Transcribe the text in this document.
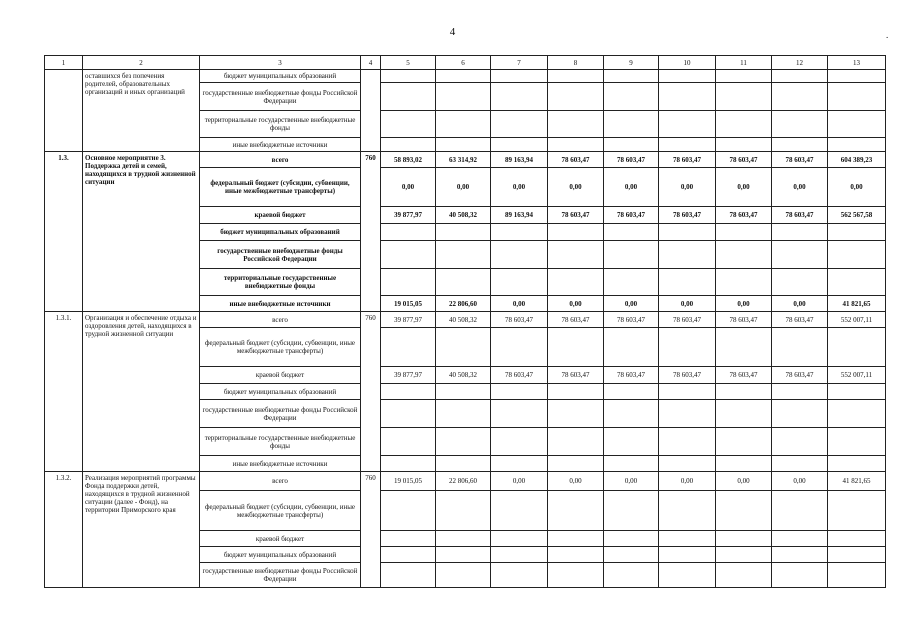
4	.
1	2	3	4	5	6	7	8	9	10	11	12	13
	оставшихся без попечения родителей, образовательных организаций и иных организаций	бюджет муниципальных образований										
		государственные внебюджетные фонды Российской Федерации										
		территориальные государственные внебюджетные фонды										
		иные внебюджетные источники										
1.3.	Основное мероприятие 3. Поддержка детей и семей, находящихся в трудной жизненной ситуации	всего	760	58 893,02	63 314,92	89 163,94	78 603,47	78 603,47	78 603,47	78 603,47	78 603,47	604 389,23
		федеральный бюджет (субсидии, субвенции, иные межбюджетные трансферты)		0,00	0,00	0,00	0,00	0,00	0,00	0,00	0,00	0,00
		краевой бюджет		39 877,97	40 508,32	89 163,94	78 603,47	78 603,47	78 603,47	78 603,47	78 603,47	562 567,58
		бюджет муниципальных образований										
		государственные внебюджетные фонды Российской Федерации										
		территориальные государственные внебюджетные фонды										
		иные внебюджетные источники		19 015,05	22 806,60	0,00	0,00	0,00	0,00	0,00	0,00	41 821,65
1.3.1.	Организация и обеспечение отдыха и оздоровления детей, находящихся в трудной жизненной ситуации	всего	760	39 877,97	40 508,32	78 603,47	78 603,47	78 603,47	78 603,47	78 603,47	78 603,47	552 007,11
		федеральный бюджет (субсидии, субвенции, иные межбюджетные трансферты)										
		краевой бюджет		39 877,97	40 508,32	78 603,47	78 603,47	78 603,47	78 603,47	78 603,47	78 603,47	552 007,11
		бюджет муниципальных образований										
		государственные внебюджетные фонды Российской Федерации										
		территориальные государственные внебюджетные фонды										
		иные внебюджетные источники										
1.3.2.	Реализация мероприятий программы Фонда поддержки детей, находящихся в трудной жизненной ситуации (далее - Фонд), на территории Приморского края	всего	760	19 015,05	22 806,60	0,00	0,00	0,00	0,00	0,00	0,00	41 821,65
		федеральный бюджет (субсидии, субвенции, иные межбюджетные трансферты)										
		краевой бюджет										
		бюджет муниципальных образований										
		государственные внебюджетные фонды Российской Федерации										
